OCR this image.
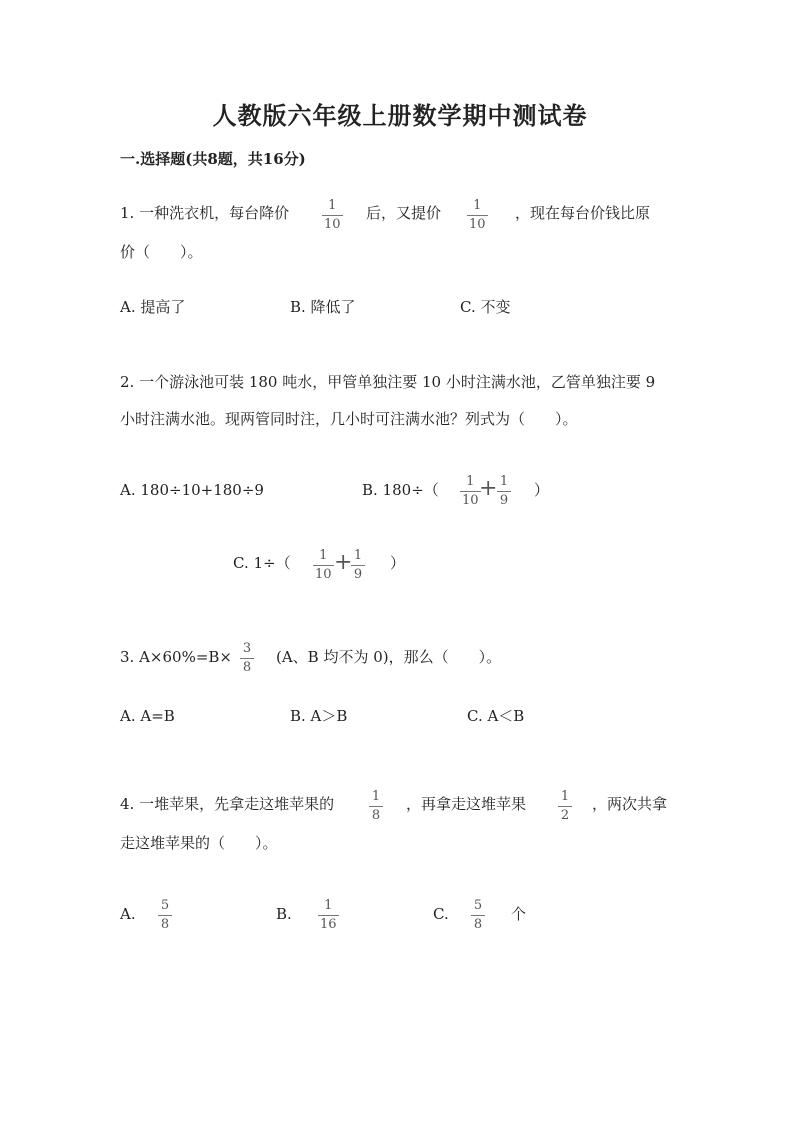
人教版六年级上册数学期中测试卷
一.选择题(共8题，共16分)
1. 一种洗衣机，每台降价	1
10
后，又提价 1
10
，现在每台价钱比原
价（　　）。
A. 提高了	B. 降低了	C. 不变
2. 一个游泳池可装 180 吨水，甲管单独注要 10 小时注满水池，乙管单独注要 9
小时注满水池。现两管同时注，几小时可注满水池？列式为（　　）。
A. 180÷10+180÷9	B. 180÷（ 1
10 + 1
9
）
C. 1÷（ 1
10 + 1
9
）
3. A×60%=B× 3
8
(A、B 均不为 0)，那么（　　）。
A. A=B	B. A＞B	C. A＜B
4. 一堆苹果，先拿走这堆苹果的	1
8
，再拿走这堆苹果	1
2
，两次共拿
走这堆苹果的（　　）。
A. 5
8
B. 1
16
C. 5
8
个
